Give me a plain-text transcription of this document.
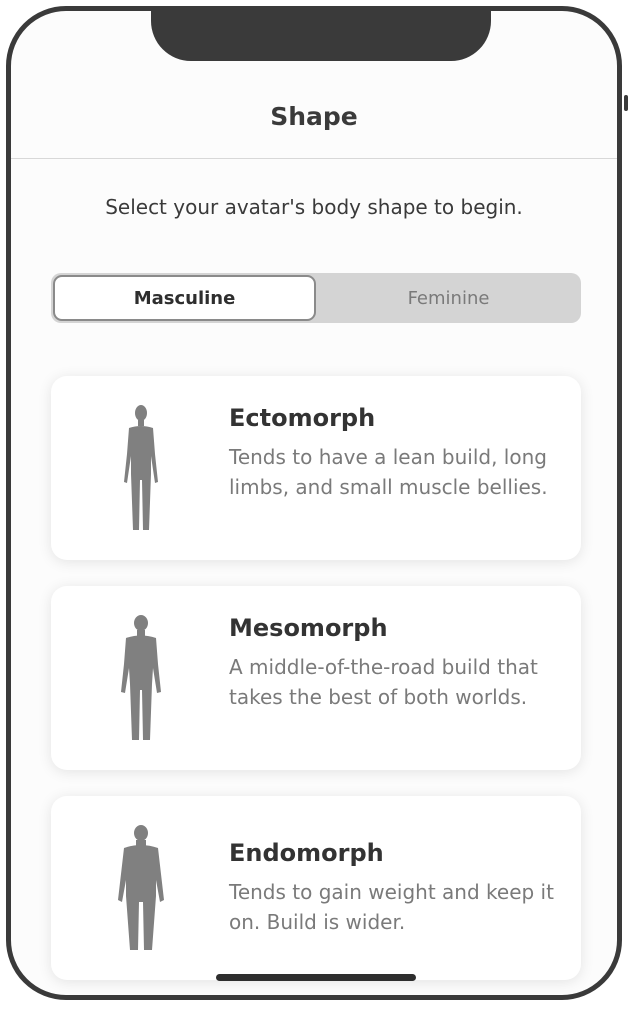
Shape
Select your avatar's body shape to begin.
Masculine	Feminine
Ectomorph
Tends to have a lean build, long limbs, and small muscle bellies.
Mesomorph
A middle-of-the-road build that takes the best of both worlds.
Endomorph
Tends to gain weight and keep it on. Build is wider.
